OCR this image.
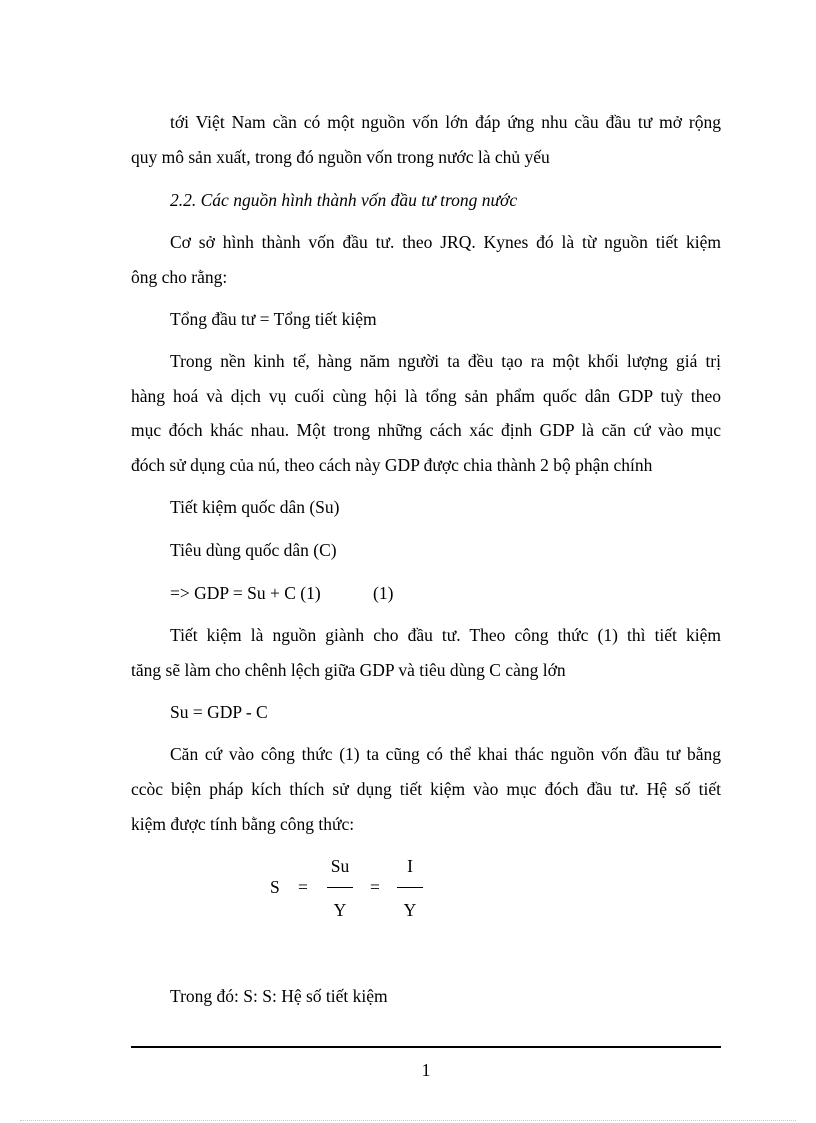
tới Việt Nam cần có một nguồn vốn lớn đáp ứng nhu cầu đầu tư mở rộng
quy mô sản xuất, trong đó nguồn vốn trong nước là chủ yếu
2.2. Các nguồn hình thành vốn đầu tư trong nước
Cơ sở hình thành vốn đầu tư. theo JRQ. Kynes đó là từ nguồn tiết kiệm
ông cho rằng:
Tổng đầu tư = Tổng tiết kiệm
Trong nền kinh tế, hàng năm người ta đều tạo ra một khối lượng giá trị
hàng hoá và dịch vụ cuối cùng hội là tổng sản phẩm quốc dân GDP tuỳ theo
mục đóch khác nhau. Một trong những cách xác định GDP là căn cứ vào mục
đóch sử dụng của nú, theo cách này GDP được chia thành 2 bộ phận chính
Tiết kiệm quốc dân (Su)
Tiêu dùng quốc dân (C)
=> GDP = Su + C (1)	(1)
Tiết kiệm là nguồn giành cho đầu tư. Theo công thức (1) thì tiết kiệm
tăng sẽ làm cho chênh lệch giữa GDP và tiêu dùng C càng lớn
Su = GDP - C
Căn cứ vào công thức (1) ta cũng có thể khai thác nguồn vốn đầu tư bằng
ccòc biện pháp kích thích sử dụng tiết kiệm vào mục đóch đầu tư. Hệ số tiết
kiệm được tính bằng công thức:
S =
Su
Y
=
I
Y
Trong đó: S: S: Hệ số tiết kiệm
1
